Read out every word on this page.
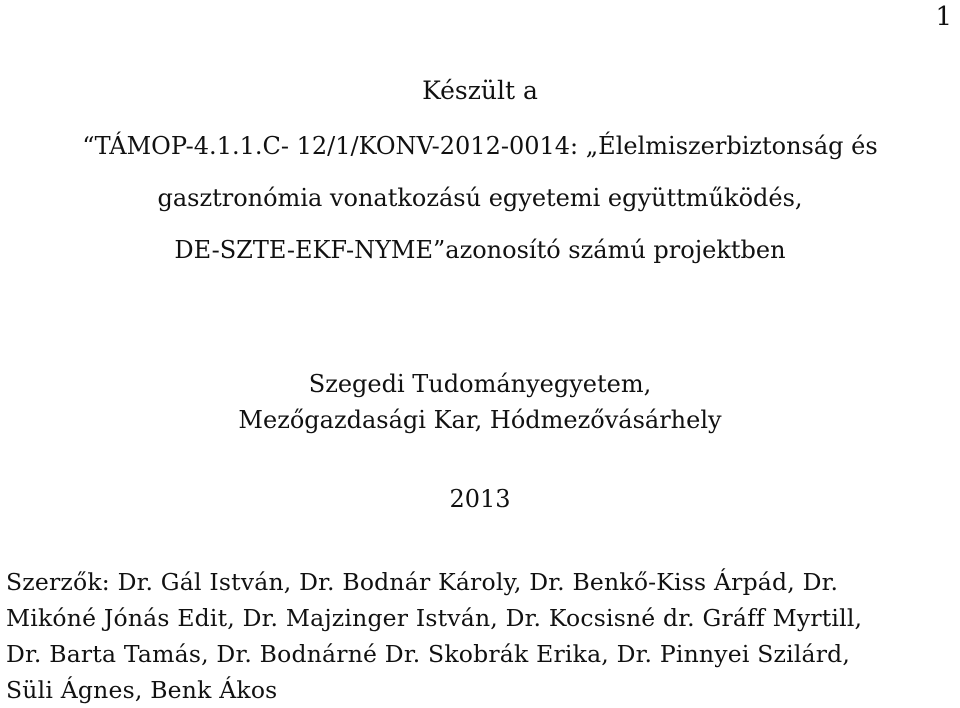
1
Készült a
“TÁMOP-4.1.1.C- 12/1/KONV-2012-0014: „Élelmiszerbiztonság és
gasztronómia vonatkozású egyetemi együttműködés,
DE-SZTE-EKF-NYME”azonosító számú projektben
Szegedi Tudományegyetem,
Mezőgazdasági Kar, Hódmezővásárhely
2013
Szerzők: Dr. Gál István, Dr. Bodnár Károly, Dr. Benkő-Kiss Árpád, Dr.
Mikóné Jónás Edit, Dr. Majzinger István, Dr. Kocsisné dr. Gráff Myrtill,
Dr. Barta Tamás, Dr. Bodnárné Dr. Skobrák Erika, Dr. Pinnyei Szilárd,
Süli Ágnes, Benk Ákos
